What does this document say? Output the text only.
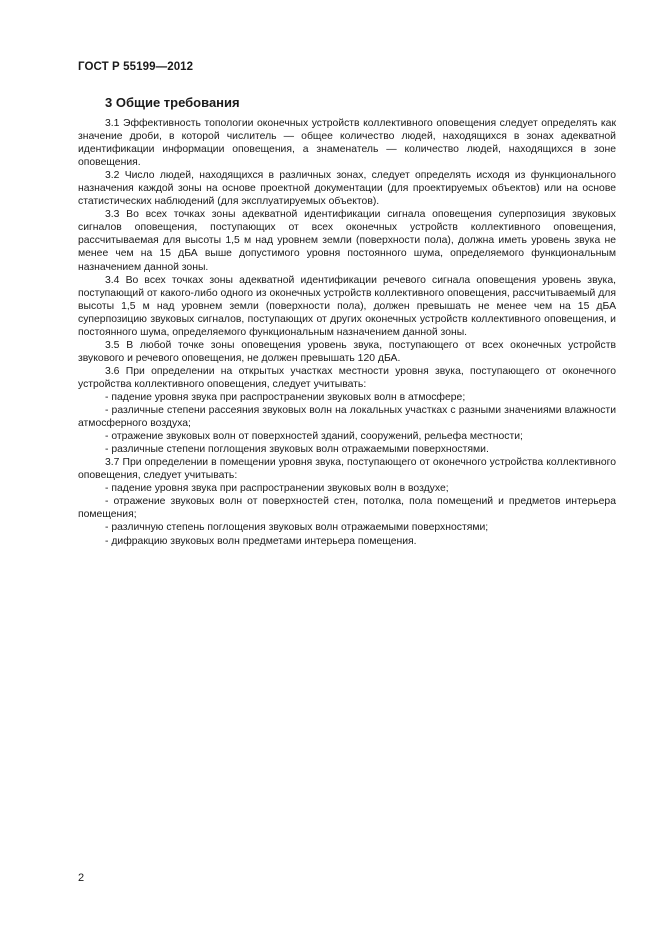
ГОСТ Р 55199—2012
3 Общие требования

3.1 Эффективность топологии оконечных устройств коллективного оповещения следует определять как значение дроби, в которой числитель — общее количество людей, находящихся в зонах адекватной идентификации информации оповещения, а знаменатель — количество людей, находящихся в зоне оповещения.

3.2 Число людей, находящихся в различных зонах, следует определять исходя из функционального назначения каждой зоны на основе проектной документации (для проектируемых объектов) или на основе статистических наблюдений (для эксплуатируемых объектов).

3.3 Во всех точках зоны адекватной идентификации сигнала оповещения суперпозиция звуковых сигналов оповещения, поступающих от всех оконечных устройств коллективного оповещения, рассчитываемая для высоты 1,5 м над уровнем земли (поверхности пола), должна иметь уровень звука не менее чем на 15 дБА выше допустимого уровня постоянного шума, определяемого функциональным назначением данной зоны.

3.4 Во всех точках зоны адекватной идентификации речевого сигнала оповещения уровень звука, поступающий от какого-либо одного из оконечных устройств коллективного оповещения, рассчитываемый для высоты 1,5 м над уровнем земли (поверхности пола), должен превышать не менее чем на 15 дБА суперпозицию звуковых сигналов, поступающих от других оконечных устройств коллективного оповещения, и постоянного шума, определяемого функциональным назначением данной зоны.

3.5 В любой точке зоны оповещения уровень звука, поступающего от всех оконечных устройств звукового и речевого оповещения, не должен превышать 120 дБА.

3.6 При определении на открытых участках местности уровня звука, поступающего от оконечного устройства коллективного оповещения, следует учитывать:

- падение уровня звука при распространении звуковых волн в атмосфере;

- различные степени рассеяния звуковых волн на локальных участках с разными значениями влажности атмосферного воздуха;

- отражение звуковых волн от поверхностей зданий, сооружений, рельефа местности;

- различные степени поглощения звуковых волн отражаемыми поверхностями.

3.7 При определении в помещении уровня звука, поступающего от оконечного устройства коллективного оповещения, следует учитывать:

- падение уровня звука при распространении звуковых волн в воздухе;

- отражение звуковых волн от поверхностей стен, потолка, пола помещений и предметов интерьера помещения;

- различную степень поглощения звуковых волн отражаемыми поверхностями;

- дифракцию звуковых волн предметами интерьера помещения.

2
